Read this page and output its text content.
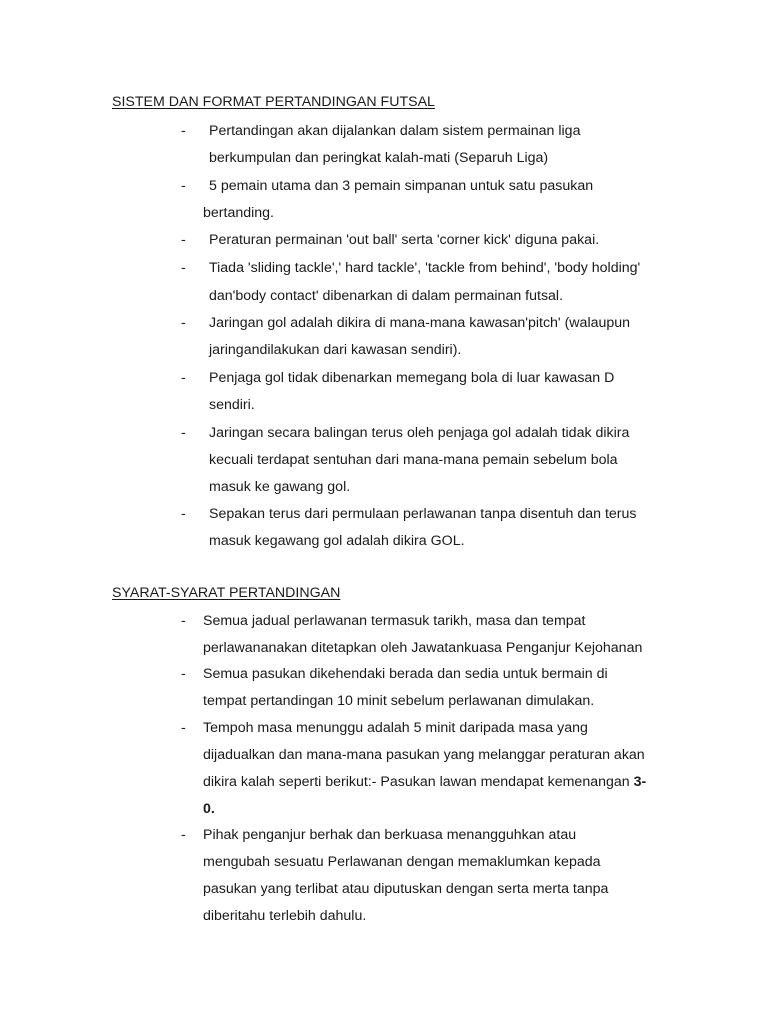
SISTEM DAN FORMAT PERTANDINGAN FUTSAL
- Pertandingan akan dijalankan dalam sistem permainan liga
berkumpulan dan peringkat kalah-mati (Separuh Liga)
- 5 pemain utama dan 3 pemain simpanan untuk satu pasukan
bertanding.
- Peraturan permainan 'out ball' serta 'corner kick' diguna pakai.
- Tiada 'sliding tackle',' hard tackle', 'tackle from behind', 'body holding'
dan'body contact' dibenarkan di dalam permainan futsal.
- Jaringan gol adalah dikira di mana-mana kawasan'pitch' (walaupun
jaringandilakukan dari kawasan sendiri).
- Penjaga gol tidak dibenarkan memegang bola di luar kawasan D
sendiri.
- Jaringan secara balingan terus oleh penjaga gol adalah tidak dikira
kecuali terdapat sentuhan dari mana-mana pemain sebelum bola
masuk ke gawang gol.
- Sepakan terus dari permulaan perlawanan tanpa disentuh dan terus
masuk kegawang gol adalah dikira GOL.
SYARAT-SYARAT PERTANDINGAN
- Semua jadual perlawanan termasuk tarikh, masa dan tempat
perlawananakan ditetapkan oleh Jawatankuasa Penganjur Kejohanan
- Semua pasukan dikehendaki berada dan sedia untuk bermain di
tempat pertandingan 10 minit sebelum perlawanan dimulakan.
- Tempoh masa menunggu adalah 5 minit daripada masa yang
dijadualkan dan mana-mana pasukan yang melanggar peraturan akan
dikira kalah seperti berikut:- Pasukan lawan mendapat kemenangan 3-
0.
- Pihak penganjur berhak dan berkuasa menangguhkan atau
mengubah sesuatu Perlawanan dengan memaklumkan kepada
pasukan yang terlibat atau diputuskan dengan serta merta tanpa
diberitahu terlebih dahulu.
